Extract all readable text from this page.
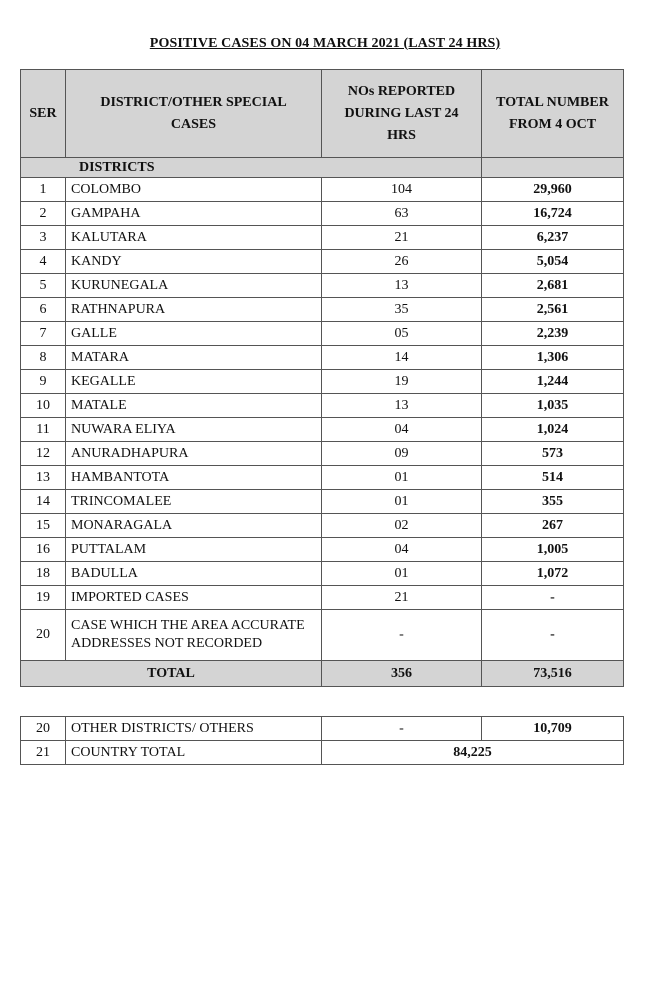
POSITIVE CASES ON 04 MARCH 2021 (LAST 24 HRS)
SER	DISTRICT/OTHER SPECIAL CASES	NOs REPORTED DURING LAST 24 HRS	TOTAL NUMBER FROM 4 OCT
DISTRICTS			
1	COLOMBO	104	29,960
2	GAMPAHA	63	16,724
3	KALUTARA	21	6,237
4	KANDY	26	5,054
5	KURUNEGALA	13	2,681
6	RATHNAPURA	35	2,561
7	GALLE	05	2,239
8	MATARA	14	1,306
9	KEGALLE	19	1,244
10	MATALE	13	1,035
11	NUWARA ELIYA	04	1,024
12	ANURADHAPURA	09	573
13	HAMBANTOTA	01	514
14	TRINCOMALEE	01	355
15	MONARAGALA	02	267
16	PUTTALAM	04	1,005
18	BADULLA	01	1,072
19	IMPORTED CASES	21	-
20	CASE WHICH THE AREA ACCURATE ADDRESSES NOT RECORDED	-	-
TOTAL		356	73,516
20	OTHER DISTRICTS/ OTHERS	-	10,709
21	COUNTRY TOTAL	84,225	
